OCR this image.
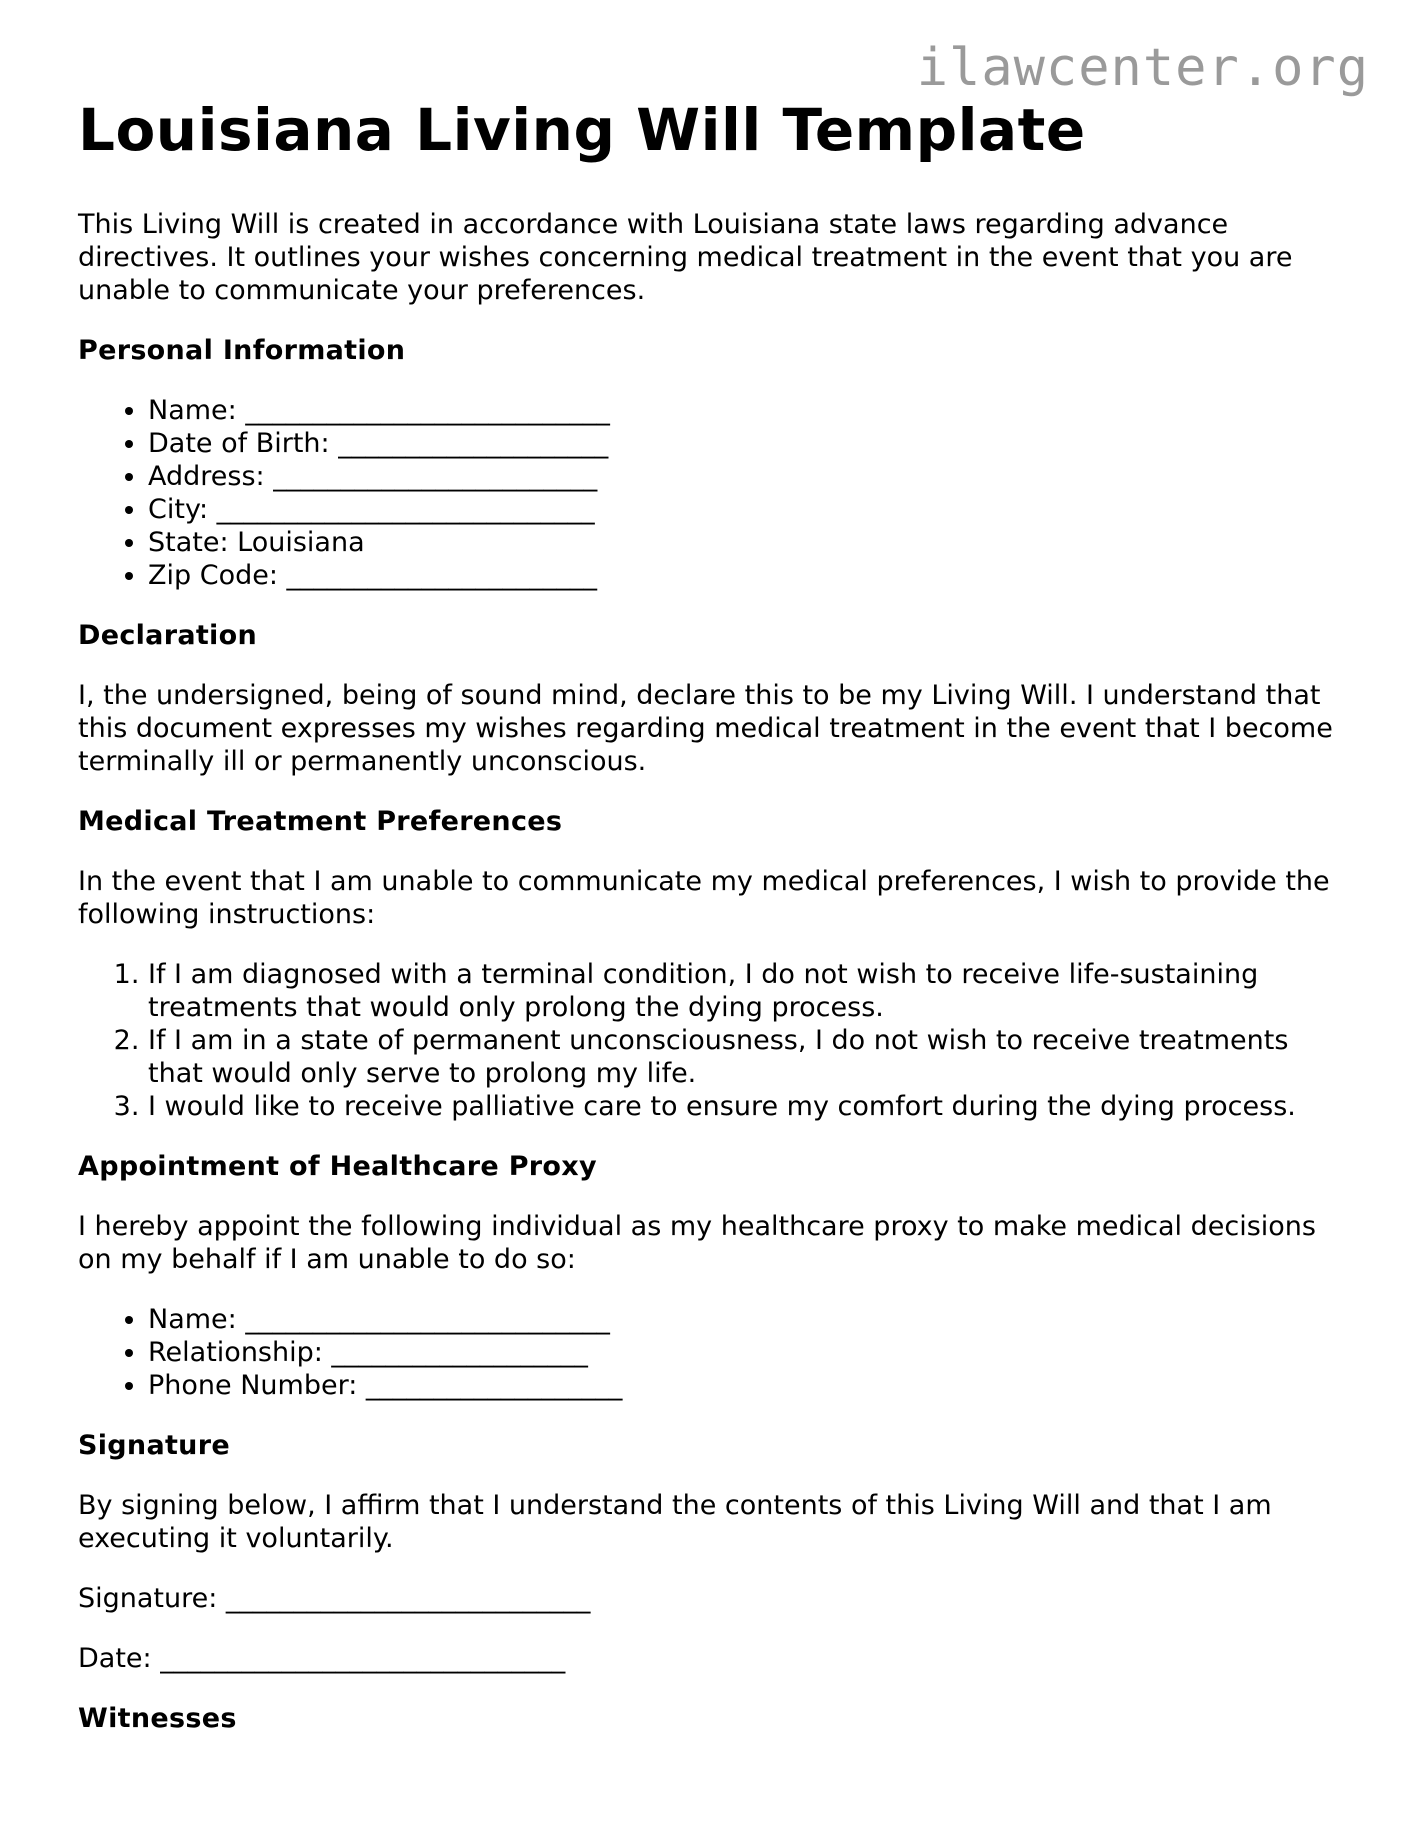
ilawcenter.org
Louisiana Living Will Template

This Living Will is created in accordance with Louisiana state laws regarding advance directives. It outlines your wishes concerning medical treatment in the event that you are unable to communicate your preferences.

Personal Information
• Name: ___________________________
• Date of Birth: ____________________
• Address: ________________________
• City: ____________________________
• State: Louisiana
• Zip Code: _______________________
Declaration

I, the undersigned, being of sound mind, declare this to be my Living Will. I understand that this document expresses my wishes regarding medical treatment in the event that I become terminally ill or permanently unconscious.

Medical Treatment Preferences

In the event that I am unable to communicate my medical preferences, I wish to provide the following instructions:

1. If I am diagnosed with a terminal condition, I do not wish to receive life-sustaining treatments that would only prolong the dying process.
2. If I am in a state of permanent unconsciousness, I do not wish to receive treatments that would only serve to prolong my life.
3. I would like to receive palliative care to ensure my comfort during the dying process.
Appointment of Healthcare Proxy

I hereby appoint the following individual as my healthcare proxy to make medical decisions on my behalf if I am unable to do so:

• Name: ___________________________
• Relationship: ___________________
• Phone Number: ___________________
Signature

By signing below, I affirm that I understand the contents of this Living Will and that I am executing it voluntarily.

Signature: ___________________________

Date: ______________________________

Witnesses
